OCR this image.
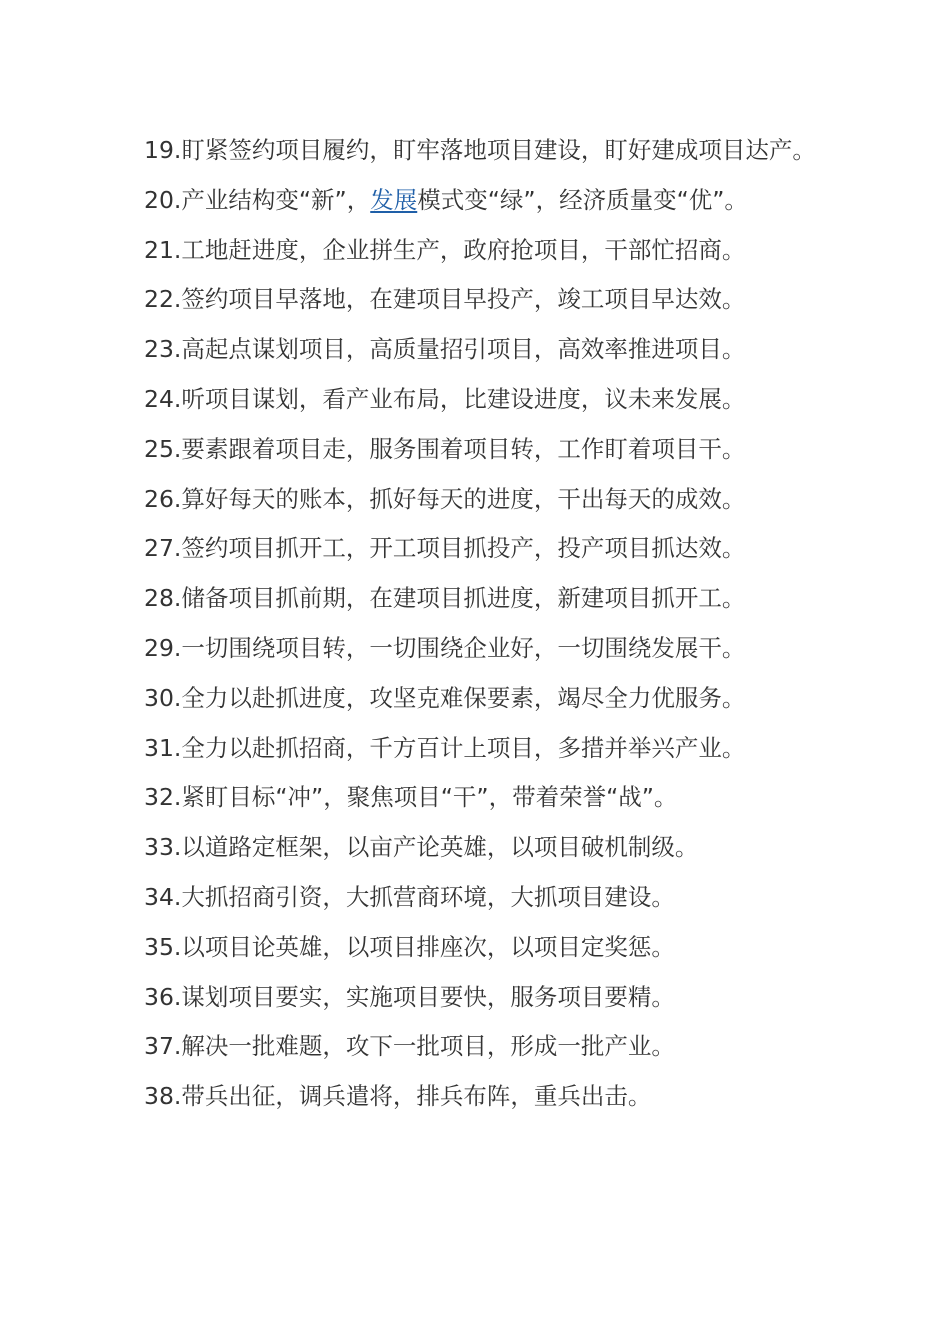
19.盯紧签约项目履约，盯牢落地项目建设，盯好建成项目达产。
20.产业结构变“新”，发展模式变“绿”，经济质量变“优”。
21.工地赶进度，企业拼生产，政府抢项目，干部忙招商。
22.签约项目早落地，在建项目早投产，竣工项目早达效。
23.高起点谋划项目，高质量招引项目，高效率推进项目。
24.听项目谋划，看产业布局，比建设进度，议未来发展。
25.要素跟着项目走，服务围着项目转，工作盯着项目干。
26.算好每天的账本，抓好每天的进度，干出每天的成效。
27.签约项目抓开工，开工项目抓投产，投产项目抓达效。
28.储备项目抓前期，在建项目抓进度，新建项目抓开工。
29.一切围绕项目转，一切围绕企业好，一切围绕发展干。
30.全力以赴抓进度，攻坚克难保要素，竭尽全力优服务。
31.全力以赴抓招商，千方百计上项目，多措并举兴产业。
32.紧盯目标“冲”，聚焦项目“干”，带着荣誉“战”。
33.以道路定框架，以亩产论英雄，以项目破机制级。
34.大抓招商引资，大抓营商环境，大抓项目建设。
35.以项目论英雄，以项目排座次，以项目定奖惩。
36.谋划项目要实，实施项目要快，服务项目要精。
37.解决一批难题，攻下一批项目，形成一批产业。
38.带兵出征，调兵遣将，排兵布阵，重兵出击。
